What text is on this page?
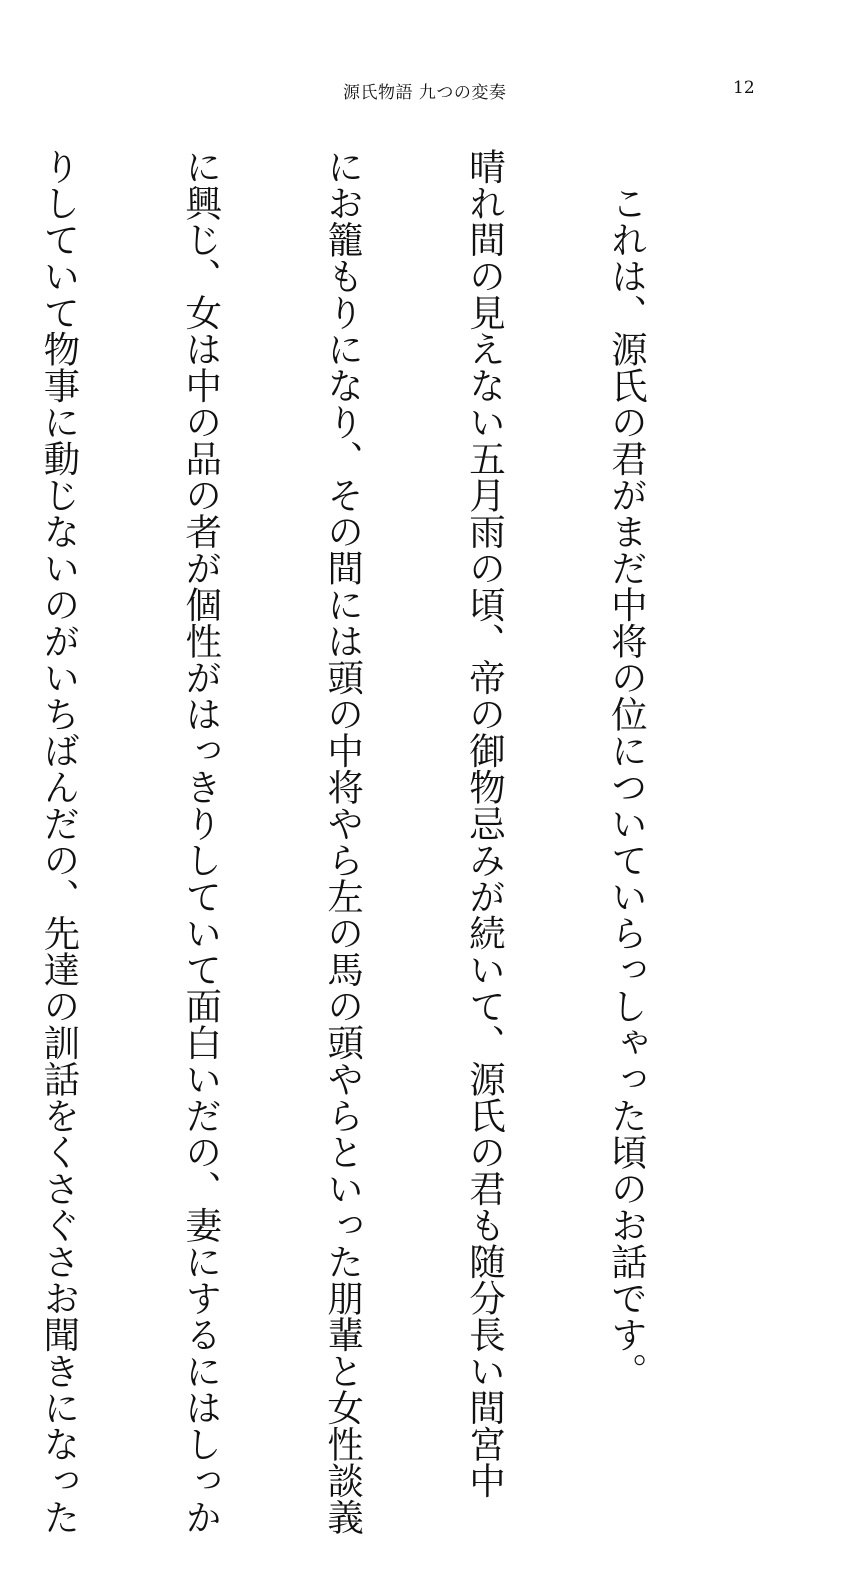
源氏物語 九つの変奏	12

　これは、源氏の君がまだ中将の位についていらっしゃった頃のお話です。

晴れ間の見えない五月雨の頃、帝の御物忌みが続いて、源氏の君も随分長い間宮中

にお籠もりになり、その間には頭の中将やら左の馬の頭やらといった朋輩と女性談義

に興じ、女は中の品の者が個性がはっきりしていて面白いだの、妻にするにはしっか

りしていて物事に動じないのがいちばんだの、先達の訓話をくさぐさお聞きになった
